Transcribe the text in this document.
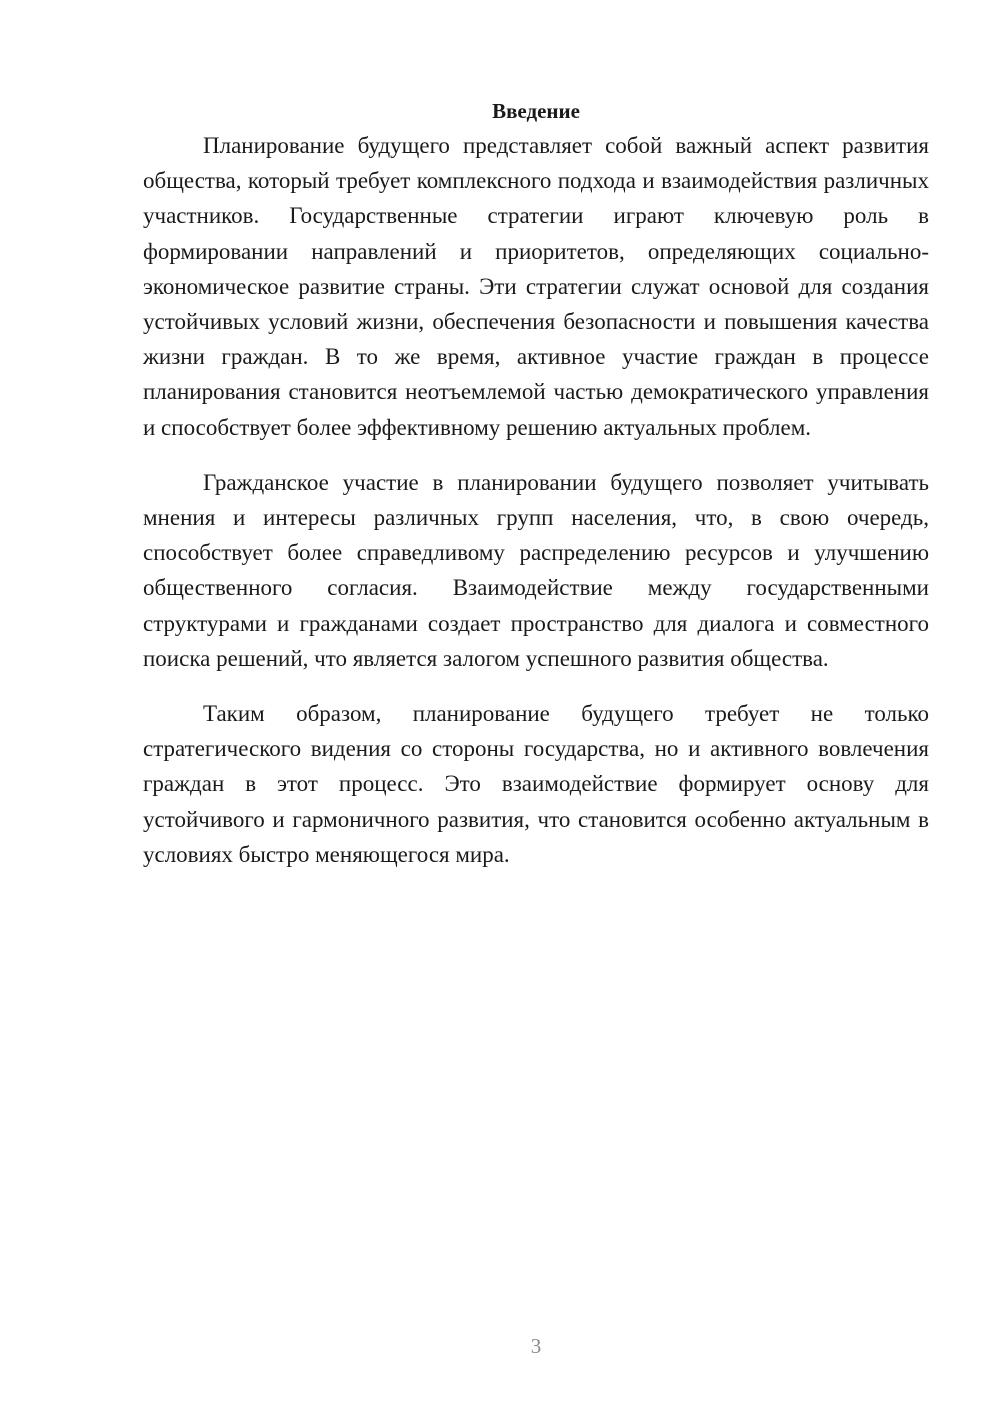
Введение

Планирование будущего представляет собой важный аспект развития общества, который требует комплексного подхода и взаимодействия различных участников. Государственные стратегии играют ключевую роль в формировании направлений и приоритетов, определяющих социально-экономическое развитие страны. Эти стратегии служат основой для создания устойчивых условий жизни, обеспечения безопасности и повышения качества жизни граждан. В то же время, активное участие граждан в процессе планирования становится неотъемлемой частью демократического управления и способствует более эффективному решению актуальных проблем.

Гражданское участие в планировании будущего позволяет учитывать мнения и интересы различных групп населения, что, в свою очередь, способствует более справедливому распределению ресурсов и улучшению общественного согласия. Взаимодействие между государственными структурами и гражданами создает пространство для диалога и совместного поиска решений, что является залогом успешного развития общества.

Таким образом, планирование будущего требует не только стратегического видения со стороны государства, но и активного вовлечения граждан в этот процесс. Это взаимодействие формирует основу для устойчивого и гармоничного развития, что становится особенно актуальным в условиях быстро меняющегося мира.

3
